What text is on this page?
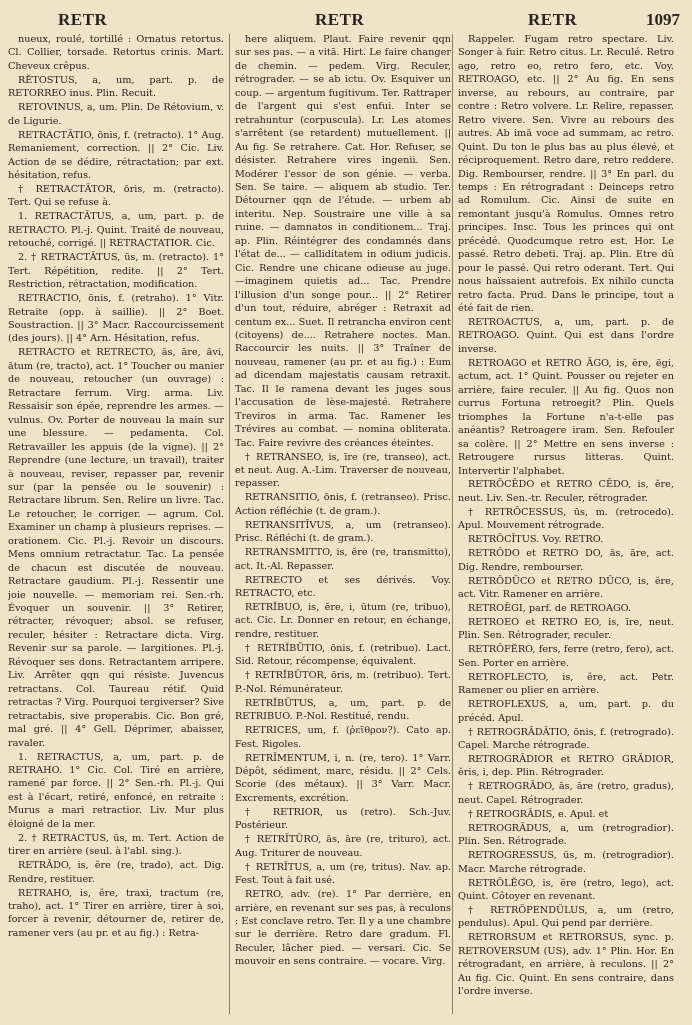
RETR	RETR	RETR	1097

nueux, roulé, tortillé : Ornatus retortus. Cl. Collier, torsade. Retortus crinis. Mart. Cheveux crêpus.

RĔTOSTUS, a, um, part. p. de RETORREO inus. Plin. Recuit.

RETOVINUS, a, um. Plin. De Rétovium, v. de Ligurie.

RETRACTĀTIO, ōnis, f. (retracto). 1° Aug. Remaniement, correction. || 2° Cic. Liv. Action de se dédire, rétractation; par ext. hésitation, refus.

† RETRACTĀTOR, ōris, m. (retracto). Tert. Qui se refuse à.

1. RETRACTĀTUS, a, um, part. p. de RETRACTO. Pl.-j. Quint. Traité de nouveau, retouché, corrigé. || RETRACTATIOR. Cic.

2. † RETRACTĀTUS, ūs, m. (retracto). 1° Tert. Répétition, redite. || 2° Tert. Restriction, rétractation, modification.

RETRACTIO, ōnis, f. (retraho). 1° Vitr. Retraite (opp. à saillie). || 2° Boet. Soustraction. || 3° Macr. Raccourcissement (des jours). || 4° Arn. Hésitation, refus.

RETRACTO et RETRECTO, ās, āre, āvi, ātum (re, tracto), act. 1° Toucher ou manier de nouveau, retoucher (un ouvrage) : Retractare ferrum. Virg. arma. Liv. Ressaisir son épée, reprendre les armes. — vulnus. Ov. Porter de nouveau la main sur une blessure. — pedamenta. Col. Retravailler les appuis (de la vigne). || 2° Reprendre (une lecture, un travail), traiter à nouveau, reviser, repasser par, revenir sur (par la pensée ou le souvenir) : Retractare librum. Sen. Relire un livre. Tac. Le retoucher, le corriger. — agrum. Col. Examiner un champ à plusieurs reprises. — orationem. Cic. Pl.-j. Revoir un discours. Mens omnium retractatur. Tac. La pensée de chacun est discutée de nouveau. Retractare gaudium. Pl.-j. Ressentir une joie nouvelle. — memoriam rei. Sen.-rh. Évoquer un souvenir. || 3° Retirer, rétracter, révoquer; absol. se refuser, reculer, hésiter : Retractare dicta. Virg. Revenir sur sa parole. — largitiones. Pl.-j. Révoquer ses dons. Retractantem arripere. Liv. Arrêter qqn qui résiste. Juvencus retractans. Col. Taureau rétif. Quid retractas ? Virg. Pourquoi tergiverser? Sive retractabis, sive properabis. Cic. Bon gré, mal gré. || 4° Gell. Déprimer, abaisser, ravaler.

1. RETRACTUS, a, um, part. p. de RETRAHO. 1° Cic. Col. Tiré en arrière, ramené par force. || 2° Sen.-rh. Pl.-j. Qui est à l'écart, retiré, enfoncé, en retraite : Murus a mari retractior. Liv. Mur plus éloigné de la mer.

2. † RETRACTUS, ūs, m. Tert. Action de tirer en arrière (seul. à l'abl. sing.).

RETRĀDO, is, ĕre (re, trado), act. Dig. Rendre, restituer.

RETRAHO, is, ĕre, traxi, tractum (re, traho), act. 1° Tirer en arrière, tirer à soi, forcer à revenir, détourner de, retirer de, ramener vers (au pr. et au fig.) : Retra-

here aliquem. Plaut. Faire revenir qqn sur ses pas. — a vitā. Hirt. Le faire changer de chemin. — pedem. Virg. Reculer, rétrograder. — se ab ictu. Ov. Esquiver un coup. — argentum fugitivum. Ter. Rattraper de l'argent qui s'est enfui. Inter se retrahuntur (corpuscula). Lr. Les atomes s'arrêtent (se retardent) mutuellement. || Au fig. Se retrahere. Cat. Hor. Refuser, se désister. Retrahere vires ingenii. Sen. Modérer l'essor de son génie. — verba. Sen. Se taire. — aliquem ab studio. Ter. Détourner qqn de l'étude. — urbem ab interitu. Nep. Soustraire une ville à sa ruine. — damnatos in conditionem... Traj. ap. Plin. Réintégrer des condamnés dans l'état de... — calliditatem in odium judicis. Cic. Rendre une chicane odieuse au juge. —imaginem quietis ad... Tac. Prendre l'illusion d'un songe pour... || 2° Retirer d'un tout, réduire, abréger : Retraxit ad centum ex... Suet. Il retrancha environ cent (citoyens) de.... Retrahere noctes. Man. Raccourcir les nuits. || 3° Traîner de nouveau, ramener (au pr. et au fig.) : Eum ad dicendam majestatis causam retraxit. Tac. Il le ramena devant les juges sous l'accusation de lèse-majesté. Retrahere Treviros in arma. Tac. Ramener les Trévires au combat. — nomina obliterata. Tac. Faire revivre des créances éteintes.

† RETRANSEO, is, īre (re, transeo), act. et neut. Aug. A.-Lim. Traverser de nouveau, repasser.

RETRANSITIO, ōnis, f. (retranseo). Prisc. Action réfléchie (t. de gram.).

RETRANSITĪVUS, a, um (retranseo). Prisc. Réfléchi (t. de gram.).

RETRANSMITTO, is, ĕre (re, transmitto), act. It.-Al. Repasser.

RETRECTO et ses dérivés. Voy. RETRACTO, etc.

RETRĬBUO, is, ĕre, i, ūtum (re, tribuo), act. Cic. Lr. Donner en retour, en échange, rendre, restituer.

† RETRĬBŪTIO, ōnis, f. (retribuo). Lact. Sid. Retour, récompense, équivalent.

† RETRĬBŪTOR, ōris, m. (retribuo). Tert. P.-Nol. Rémunérateur.

RETRĬBŪTUS, a, um, part. p. de RETRIBUO. P.-Nol. Restitué, rendu.

RETRICES, um, f. (ῥεῖθρον?). Cato ap. Fest. Rigoles.

RETRĪMENTUM, i, n. (re, tero). 1° Varr. Dépôt, sédiment, marc, résidu. || 2° Cels. Scorie (des métaux). || 3° Varr. Macr. Excrements, excrétion.

† RETRIOR, us (retro). Sch.-Juv. Postérieur.

† RETRĪTŪRO, ās, āre (re, trituro), act. Aug. Triturer de nouveau.

† RETRĪTUS, a, um (re, tritus). Nav. ap. Fest. Tout à fait usé.

RETRO, adv. (re). 1° Par derrière, en arrière, en revenant sur ses pas, à reculons : Est conclave retro. Ter. Il y a une chambre sur le derrière. Retro dare gradum. Fl. Reculer, lâcher pied. — versari. Cic. Se mouvoir en sens contraire. — vocare. Virg.

Rappeler. Fugam retro spectare. Liv. Songer à fuir. Retro citus. Lr. Reculé. Retro ago, retro eo, retro fero, etc. Voy. RETROAGO, etc. || 2° Au fig. En sens inverse, au rebours, au contraire, par contre : Retro volvere. Lr. Relire, repasser. Retro vivere. Sen. Vivre au rebours des autres. Ab imā voce ad summam, ac retro. Quint. Du ton le plus bas au plus élevé, et réciproquement. Retro dare, retro reddere. Dig. Rembourser, rendre. || 3° En parl. du temps : En rétrogradant : Deinceps retro ad Romulum. Cic. Ainsi de suite en remontant jusqu'à Romulus. Omnes retro principes. Insc. Tous les princes qui ont précédé. Quodcumque retro est. Hor. Le passé. Retro debeti. Traj. ap. Plin. Etre dû pour le passé. Qui retro oderant. Tert. Qui nous haïssaient autrefois. Ex nihilo cuncta retro facta. Prud. Dans le principe, tout a été fait de rien.

RETROACTUS, a, um, part. p. de RETROAGO. Quint. Qui est dans l'ordre inverse.

RETROAGO et RETRO ĀGO, is, ĕre, ēgi, actum, act. 1° Quint. Pousser ou rejeter en arrière, faire reculer. || Au fig. Quos non currus Fortuna retroegit? Plin. Quels triomphes la Fortune n'a-t-elle pas anéantis? Retroagere iram. Sen. Refouler sa colère. || 2° Mettre en sens inverse : Retrougere rursus litteras. Quint. Intervertir l'alphabet.

RETRŌCĒDO et RETRO CĒDO, is, ĕre, neut. Liv. Sen.-tr. Reculer, rétrograder.

† RETRŌCESSUS, ūs, m. (retrocedo). Apul. Mouvement rétrograde.

RETRŌCĪTUS. Voy. RETRO.

RETRŌDO et RETRO DO, ās, āre, act. Dig. Rendre, rembourser.

RETRŌDŪCO et RETRO DŪCO, is, ĕre, act. Vitr. Ramener en arrière.

RETROĒGI, parf. de RETROAGO.

RETROEO et RETRO EO, is, īre, neut. Plin. Sen. Rétrograder, reculer.

RETRŌFĔRO, fers, ferre (retro, fero), act. Sen. Porter en arrière.

RETROFLECTO, is, ĕre, act. Petr. Ramener ou plier en arrière.

RETROFLEXUS, a, um, part. p. du précéd. Apul.

† RETROGRĀDĀTIO, ōnis, f. (retrogrado). Capel. Marche rétrograde.

RETROGRĀDIOR et RETRO GRĀDIOR, ĕris, i, dep. Plin. Rétrograder.

† RETROGRĀDO, ās, āre (retro, gradus), neut. Capel. Rétrograder.

† RETROGRĀDIS, e. Apul. et

RETROGRĀDUS, a, um (retrogradior). Plin. Sen. Rétrograde.

RETROGRESSUS, ūs, m. (retrogradior). Macr. Marche rétrograde.

RETRŌLĔGO, is, ĕre (retro, lego), act. Quint. Côtoyer en revenant.

† RETRŌPENDŬLUS, a, um (retro, pendulus). Apul. Qui pend par derrière.

RETRORSUM et RETRORSUS, sync. p. RETROVERSUM (US), adv. 1° Plin. Hor. En rétrogradant, en arrière, à reculons. || 2° Au fig. Cic. Quint. En sens contraire, dans l'ordre inverse.
